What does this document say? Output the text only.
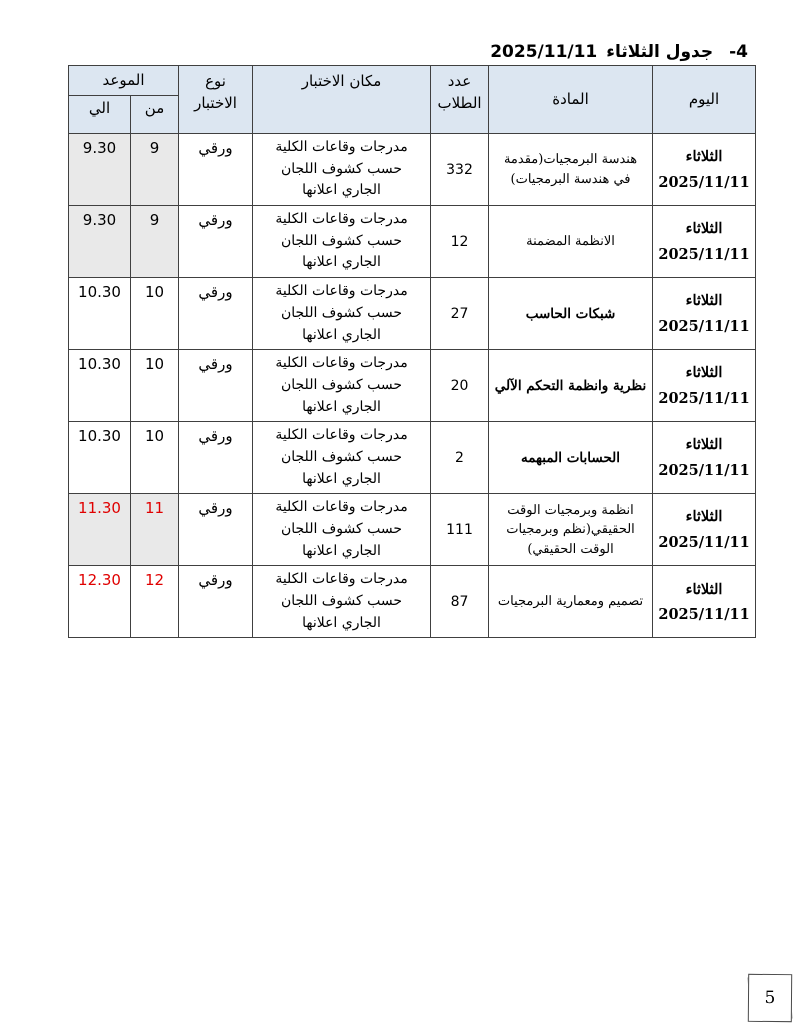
4-
جدول الثلاثاء
2025/11/11
اليوم	المادة	عدد الطلاب	مكان الاختبار	نوع الاختبار	الموعد	
					من	الي
الثلاثاء
2025/11/11	هندسة البرمجيات(مقدمة في هندسة البرمجيات)	332	مدرجات وقاعات الكلية حسب كشوف اللجان الجاري اعلانها	ورقي	9	9.30
الثلاثاء
2025/11/11	الانظمة المضمنة	12	مدرجات وقاعات الكلية حسب كشوف اللجان الجاري اعلانها	ورقي	9	9.30
الثلاثاء
2025/11/11	شبكات الحاسب	27	مدرجات وقاعات الكلية حسب كشوف اللجان الجاري اعلانها	ورقي	10	10.30
الثلاثاء
2025/11/11	نظرية وانظمة التحكم الآلي	20	مدرجات وقاعات الكلية حسب كشوف اللجان الجاري اعلانها	ورقي	10	10.30
الثلاثاء
2025/11/11	الحسابات المبهمه	2	مدرجات وقاعات الكلية حسب كشوف اللجان الجاري اعلانها	ورقي	10	10.30
الثلاثاء
2025/11/11	انظمة وبرمجيات الوقت الحقيقي(نظم وبرمجيات الوقت الحقيقي)	111	مدرجات وقاعات الكلية حسب كشوف اللجان الجاري اعلانها	ورقي	11	11.30
الثلاثاء
2025/11/11	تصميم ومعمارية البرمجيات	87	مدرجات وقاعات الكلية حسب كشوف اللجان الجاري اعلانها	ورقي	12	12.30
5
